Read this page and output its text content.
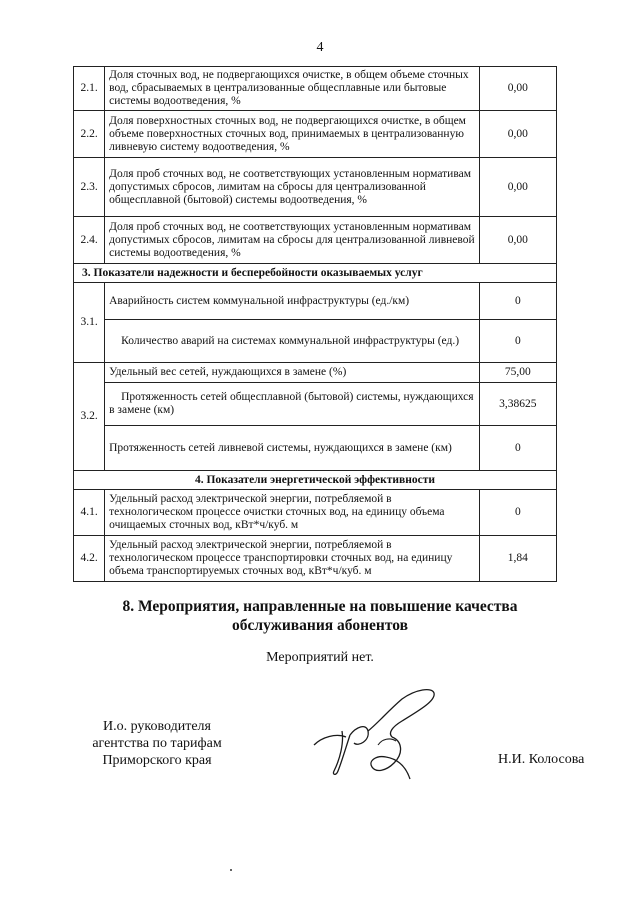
4
2.1.	Доля сточных вод, не подвергающихся очистке, в общем объеме сточных вод, сбрасываемых в централизованные общесплавные или бытовые системы водоотведения, %	0,00
2.2.	Доля поверхностных сточных вод, не подвергающихся очистке, в общем объеме поверхностных сточных вод, принимаемых в централизованную ливневую систему водоотведения, %	0,00
2.3.	Доля проб сточных вод, не соответствующих установленным нормативам допустимых сбросов, лимитам на сбросы для централизованной общесплавной (бытовой) системы водоотведения, %	0,00
2.4.	Доля проб сточных вод, не соответствующих установленным нормативам допустимых сбросов, лимитам на сбросы для централизованной ливневой системы водоотведения, %	0,00
3. Показатели надежности и бесперебойности оказываемых услуг		
3.1.	Аварийность систем коммунальной инфраструктуры (ед./км)	0
	Количество аварий на системах коммунальной инфраструктуры (ед.)	0
3.2.	Удельный вес сетей, нуждающихся в замене (%)	75,00
	Протяженность сетей общесплавной (бытовой) системы, нуждающихся в замене (км)	3,38625
	Протяженность сетей ливневой системы, нуждающихся в замене (км)	0
4. Показатели энергетической эффективности		
4.1.	Удельный расход электрической энергии, потребляемой в технологическом процессе очистки сточных вод, на единицу объема очищаемых сточных вод, кВт*ч/куб. м	0
4.2.	Удельный расход электрической энергии, потребляемой в технологическом процессе транспортировки сточных вод, на единицу объема транспортируемых сточных вод, кВт*ч/куб. м	1,84
8. Мероприятия, направленные на повышение качества
обслуживания абонентов
Мероприятий нет.
И.о. руководителя
агентства по тарифам
Приморского края	Н.И. Колосова
